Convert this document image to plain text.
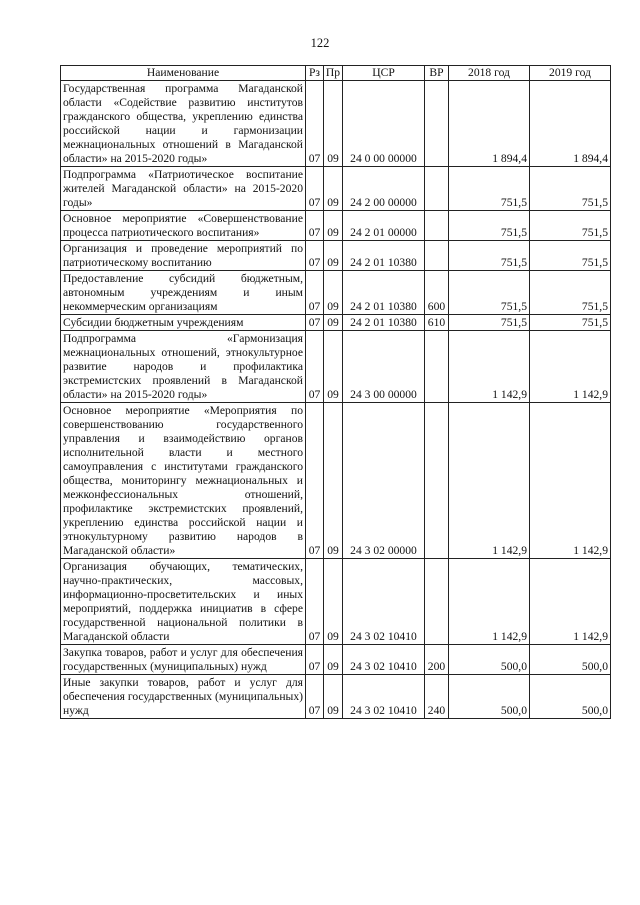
122
Наименование	Рз	Пр	ЦСР	ВР	2018 год	2019 год
Государственная программа Магаданской области «Содействие развитию институтов гражданского общества, укреплению единства российской нации и гармонизации межнациональных отношений в Магаданской области» на 2015-2020 годы»	07	09	24 0 00 00000		1 894,4	1 894,4
Подпрограмма «Патриотическое воспитание жителей Магаданской области» на 2015-2020 годы»	07	09	24 2 00 00000		751,5	751,5
Основное мероприятие «Совершенствование процесса патриотического воспитания»	07	09	24 2 01 00000		751,5	751,5
Организация и проведение мероприятий по патриотическому воспитанию	07	09	24 2 01 10380		751,5	751,5
Предоставление субсидий бюджетным, автономным учреждениям и иным некоммерческим организациям	07	09	24 2 01 10380	600	751,5	751,5
Субсидии бюджетным учреждениям	07	09	24 2 01 10380	610	751,5	751,5
Подпрограмма «Гармонизация межнациональных отношений, этнокультурное развитие народов и профилактика экстремистских проявлений в Магаданской области» на 2015-2020 годы»	07	09	24 3 00 00000		1 142,9	1 142,9
Основное мероприятие «Мероприятия по совершенствованию государственного управления и взаимодействию органов исполнительной власти и местного самоуправления с институтами гражданского общества, мониторингу межнациональных и межконфессиональных отношений, профилактике экстремистских проявлений, укреплению единства российской нации и этнокультурному развитию народов в Магаданской области»	07	09	24 3 02 00000		1 142,9	1 142,9
Организация обучающих, тематических, научно-практических, массовых, информационно-просветительских и иных мероприятий, поддержка инициатив в сфере государственной национальной политики в Магаданской области	07	09	24 3 02 10410		1 142,9	1 142,9
Закупка товаров, работ и услуг для обеспечения государственных (муниципальных) нужд	07	09	24 3 02 10410	200	500,0	500,0
Иные закупки товаров, работ и услуг для обеспечения государственных (муниципальных) нужд	07	09	24 3 02 10410	240	500,0	500,0
